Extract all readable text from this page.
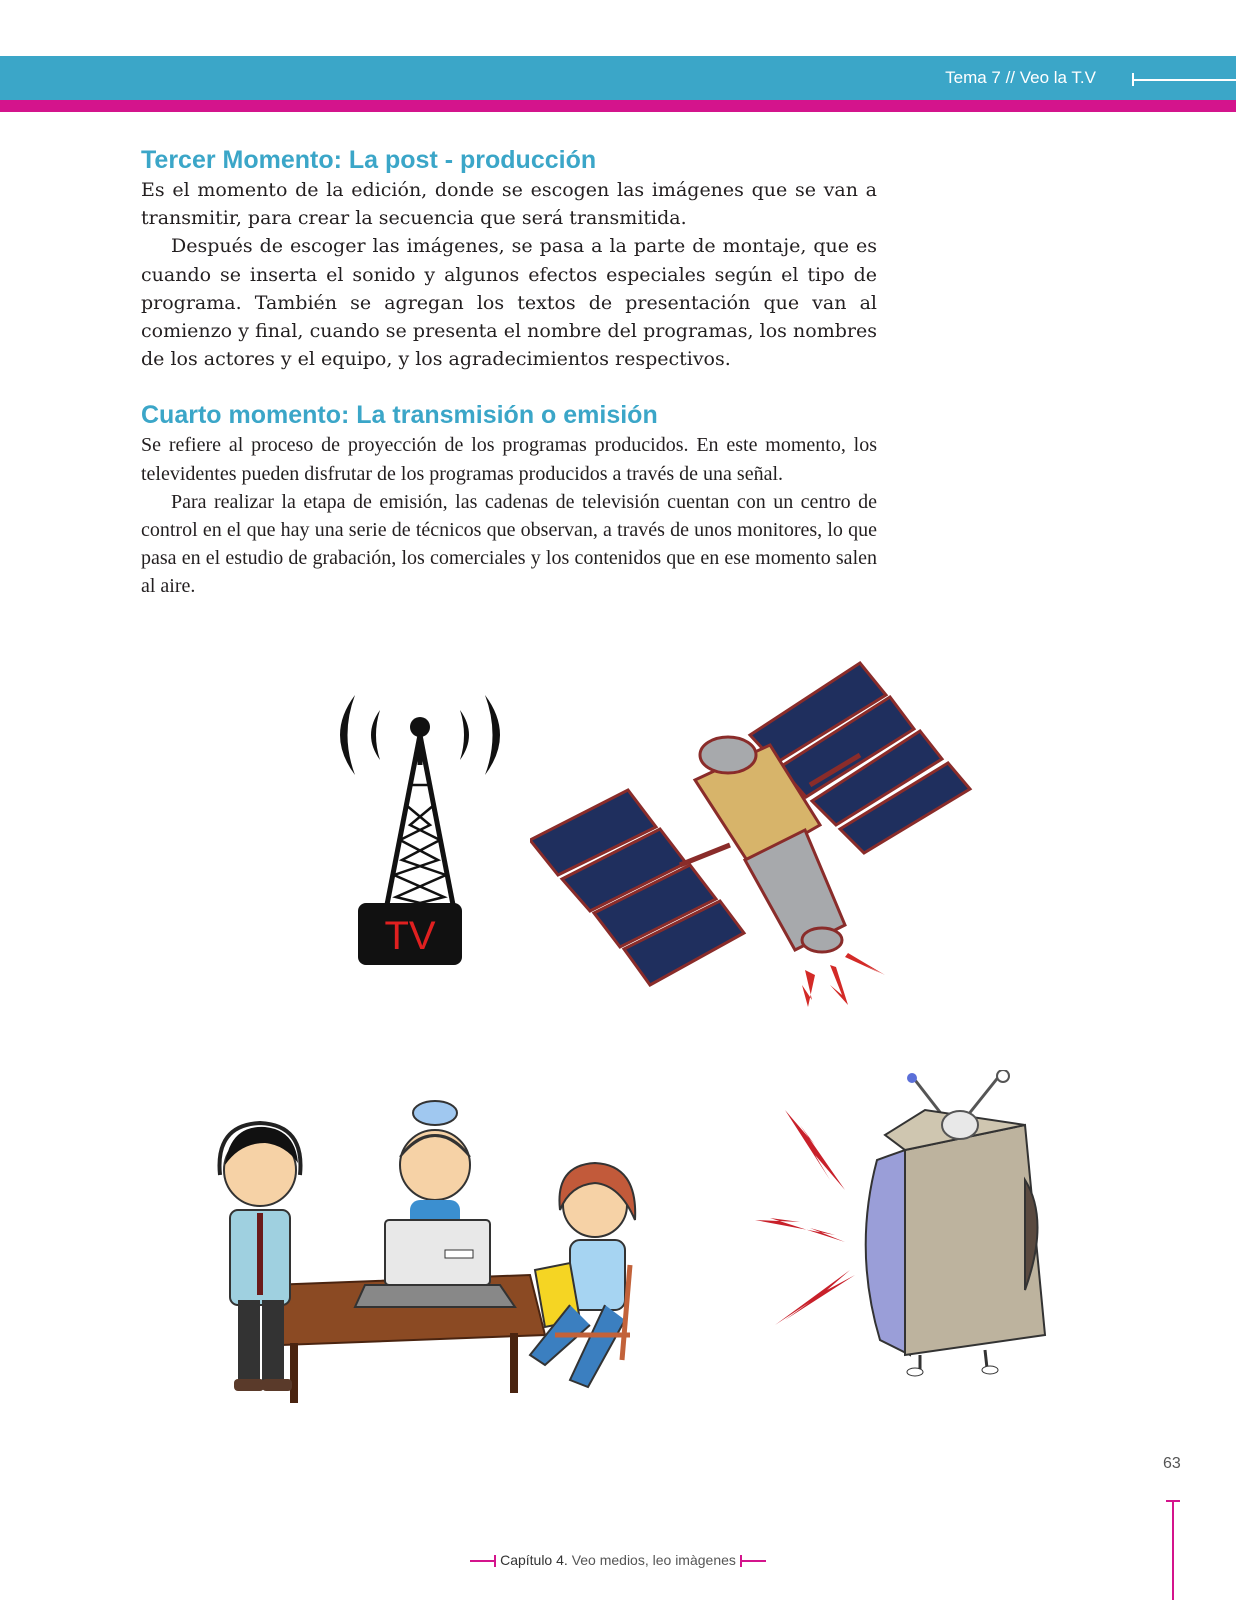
Tema 7 // Veo la T.V
Tercer Momento: La post - producción

Es el momento de la edición, donde se escogen las imágenes que se van a transmitir, para crear la secuencia que será transmitida.

Después de escoger las imágenes, se pasa a la parte de montaje, que es cuando se inserta el sonido y algunos efectos especiales según el tipo de programa. También se agregan los textos de presentación que van al comienzo y final, cuando se presenta el nombre del programas, los nombres de los actores y el equipo, y los agradecimientos respectivos.

Cuarto momento: La transmisión o emisión

Se refiere al proceso de proyección de los programas producidos. En este momento, los televidentes pueden disfrutar de los programas producidos a través de una señal.

Para realizar la etapa de emisión, las cadenas de televisión cuentan con un centro de control en el que hay una serie de técnicos que observan, a través de unos monitores, lo que pasa en el estudio de grabación, los comerciales y los contenidos que en ese momento salen al aire.

TV
63
Capítulo 4. Veo medios, leo imàgenes
